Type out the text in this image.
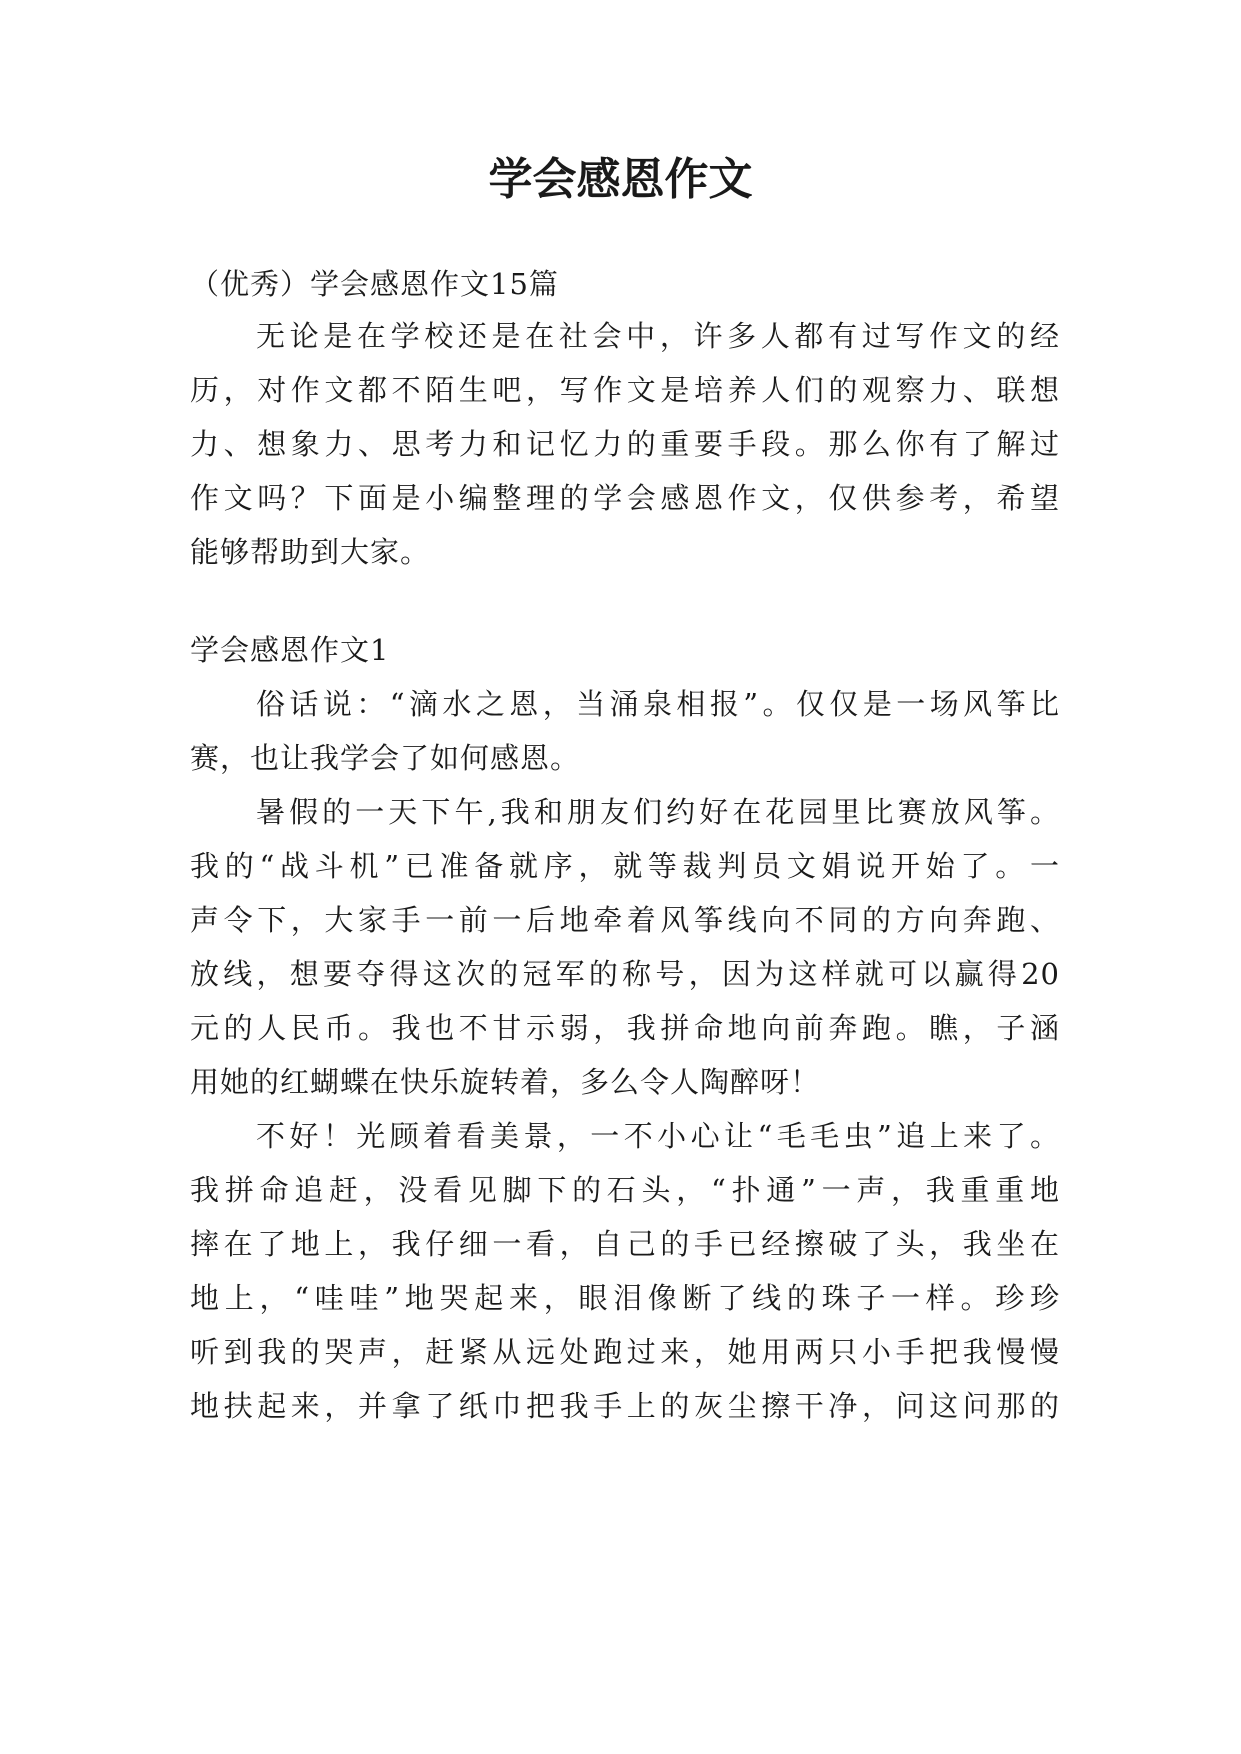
学会感恩作文
（优秀）学会感恩作文15篇
无论是在学校还是在社会中，许多人都有过写作文的经
历，对作文都不陌生吧，写作文是培养人们的观察力、联想
力、想象力、思考力和记忆力的重要手段。那么你有了解过
作文吗？下面是小编整理的学会感恩作文，仅供参考，希望
能够帮助到大家。
学会感恩作文1
俗话说：“滴水之恩，当涌泉相报”。仅仅是一场风筝比
赛，也让我学会了如何感恩。
暑假的一天下午,我和朋友们约好在花园里比赛放风筝。
我的“战斗机”已准备就序，就等裁判员文娟说开始了。一
声令下，大家手一前一后地牵着风筝线向不同的方向奔跑、
放线，想要夺得这次的冠军的称号，因为这样就可以赢得20
元的人民币。我也不甘示弱，我拼命地向前奔跑。瞧，子涵
用她的红蝴蝶在快乐旋转着，多么令人陶醉呀！
不好！光顾着看美景，一不小心让“毛毛虫”追上来了。
我拼命追赶，没看见脚下的石头，“扑通”一声，我重重地
摔在了地上，我仔细一看，自己的手已经擦破了头，我坐在
地上，“哇哇”地哭起来，眼泪像断了线的珠子一样。珍珍
听到我的哭声，赶紧从远处跑过来，她用两只小手把我慢慢
地扶起来，并拿了纸巾把我手上的灰尘擦干净，问这问那的
